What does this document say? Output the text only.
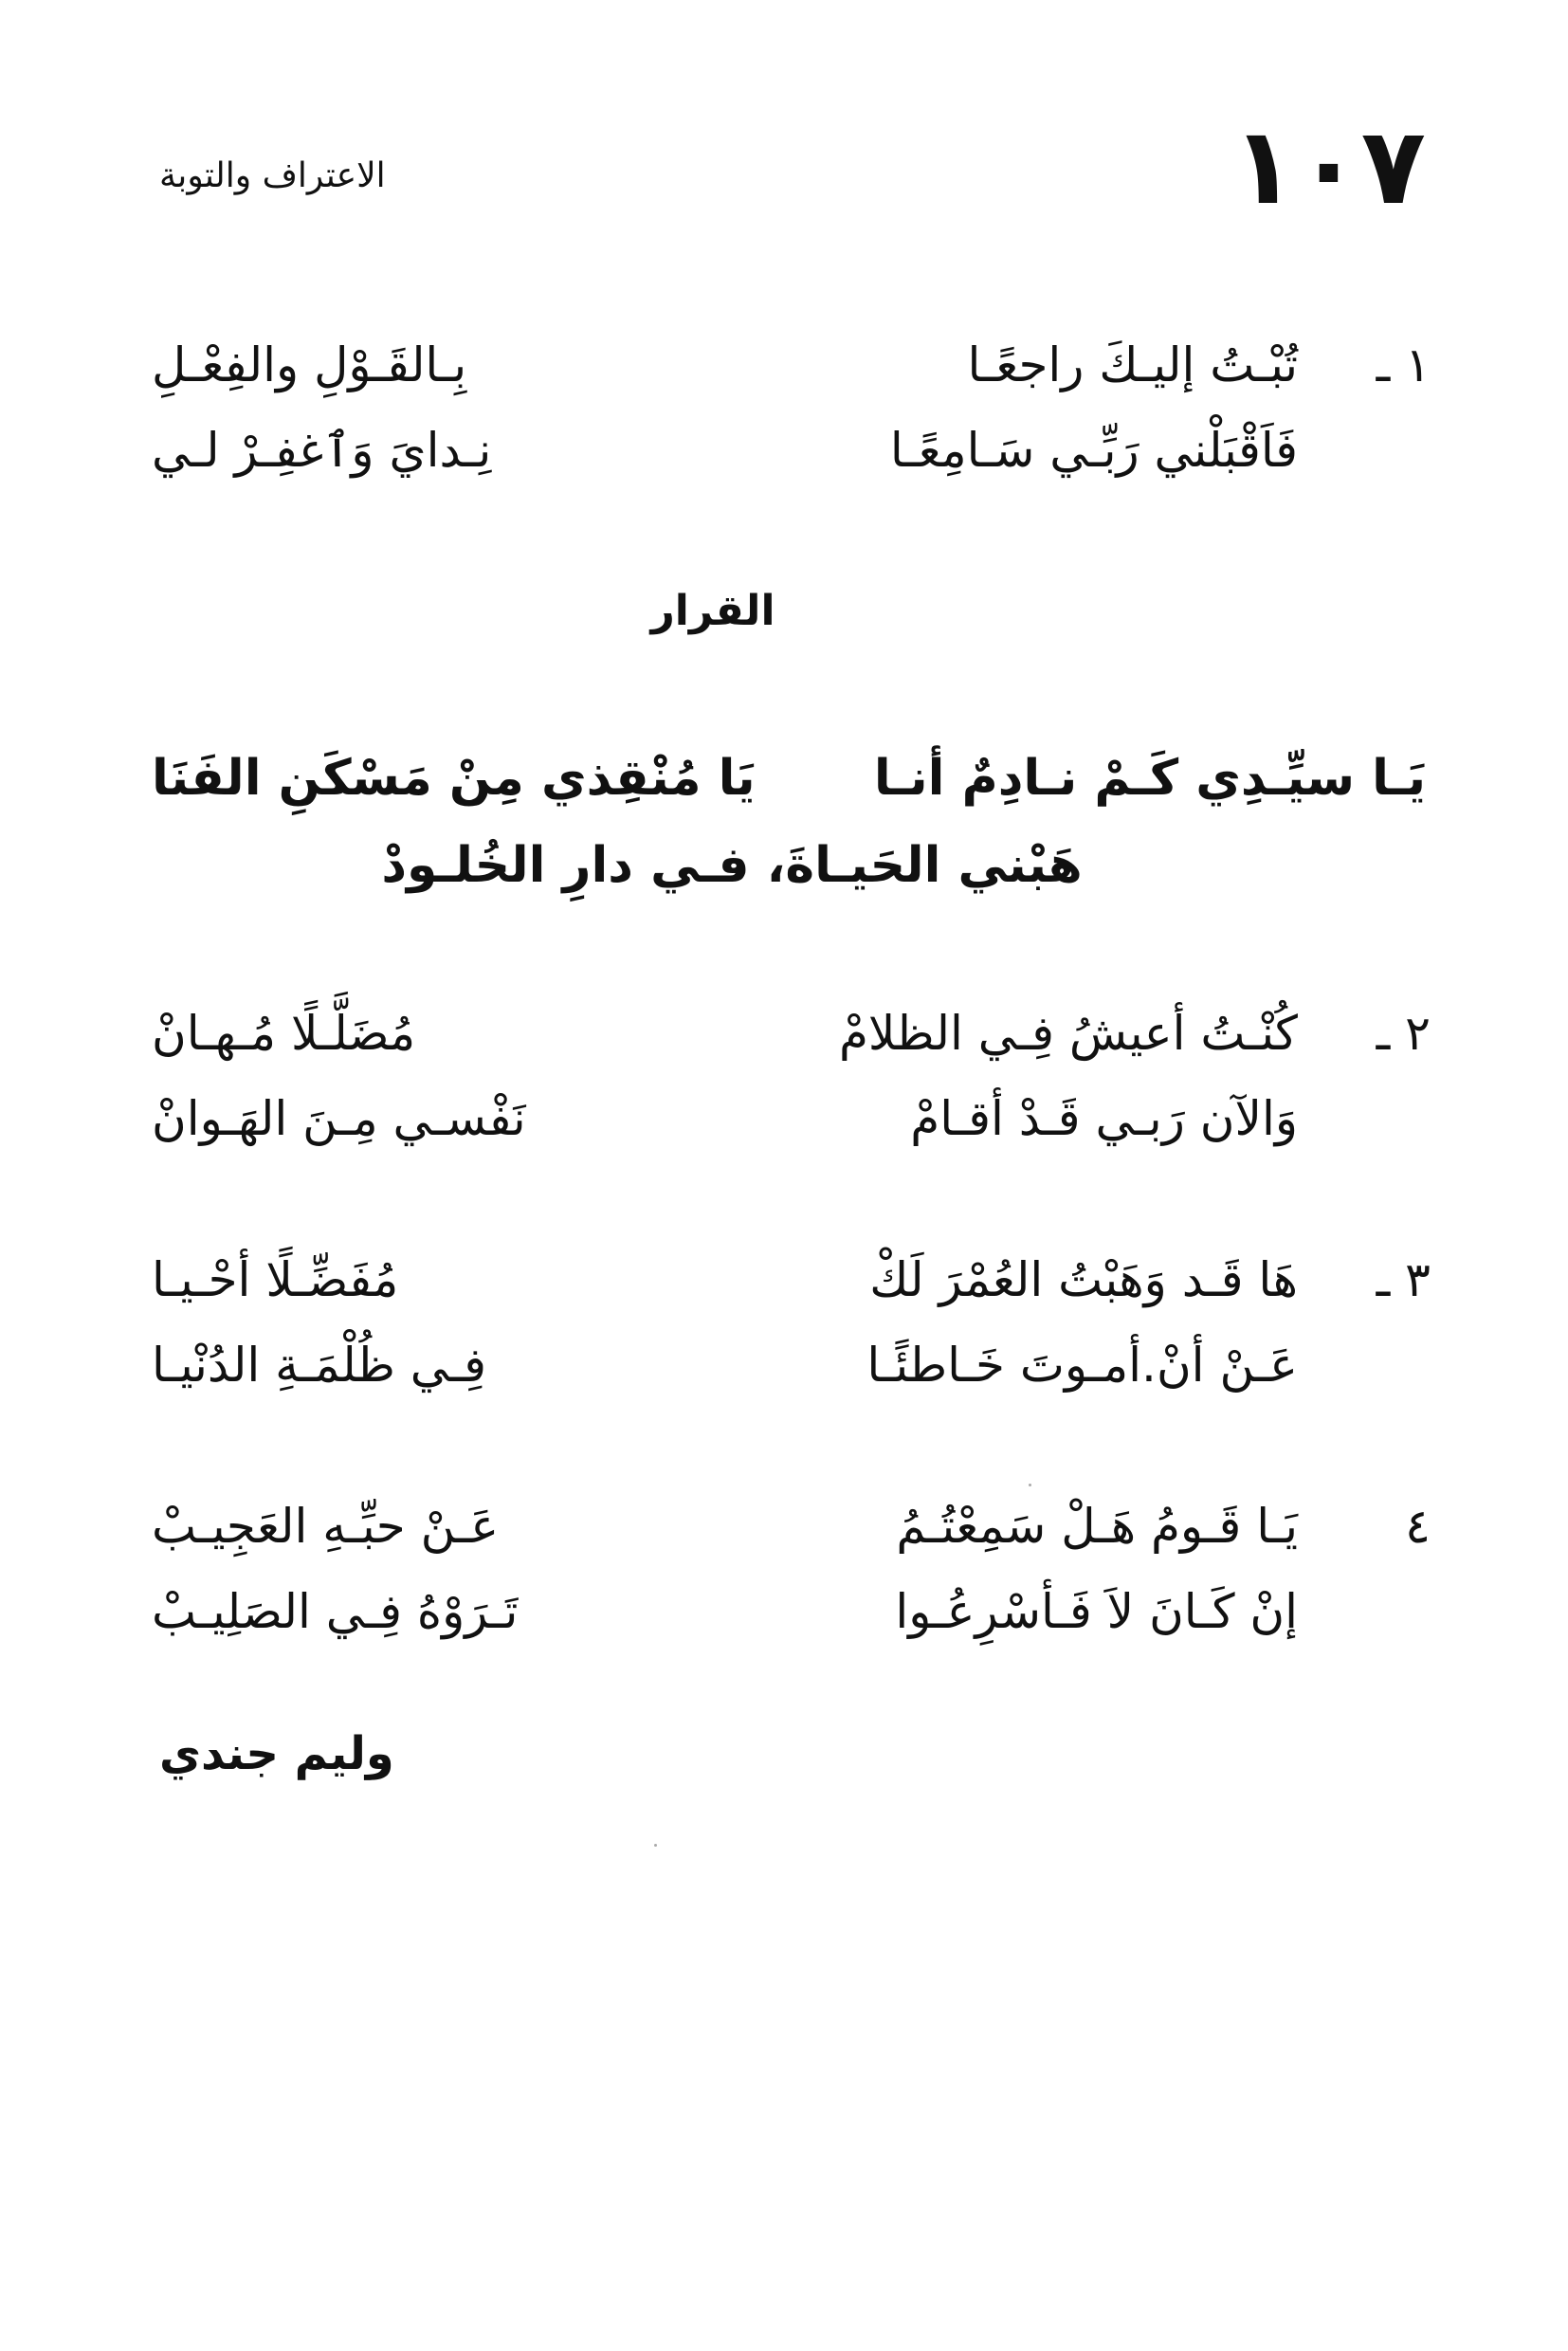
١٠٧
الاعتراف والتوبة
١ ـ
تُبْـتُ إليـكَ راجعًـا
بِـالقَـوْلِ والفِعْـلِ
فَاَقْبَلْني رَبِّـي سَـامِعًـا
نِـدايَ وَٱغفِـرْ لـي
القرار
يَـا سيِّـدِي كَـمْ نـادِمٌ أنـا
يَا مُنْقِذي مِنْ مَسْكَنِ الفَنَا
هَبْني الحَيـاةَ، فـي دارِ الخُلـودْ
٢ ـ
كُنْـتُ أعيشُ فِـي الظلامْ
مُضَلَّـلًا مُـهـانْ
وَالآن رَبـي قَـدْ أقـامْ
نَفْسـي مِـنَ الهَـوانْ
٣ ـ
هَا قَـد وَهَبْتُ العُمْرَ لَكْ
مُفَضِّـلًا أحْـيـا
عَـنْ أنْ.أمـوتَ خَـاطئًـا
فِـي ظُلْمَـةِ الدُنْيـا
٤
يَـا قَـومُ هَـلْ سَمِعْتُـمُ
عَـنْ حبِّـهِ العَجِيـبْ
إنْ كَـانَ لاَ فَـأسْرِعُـوا
تَـرَوْهُ فِـي الصَلِيـبْ
وليم جندي
